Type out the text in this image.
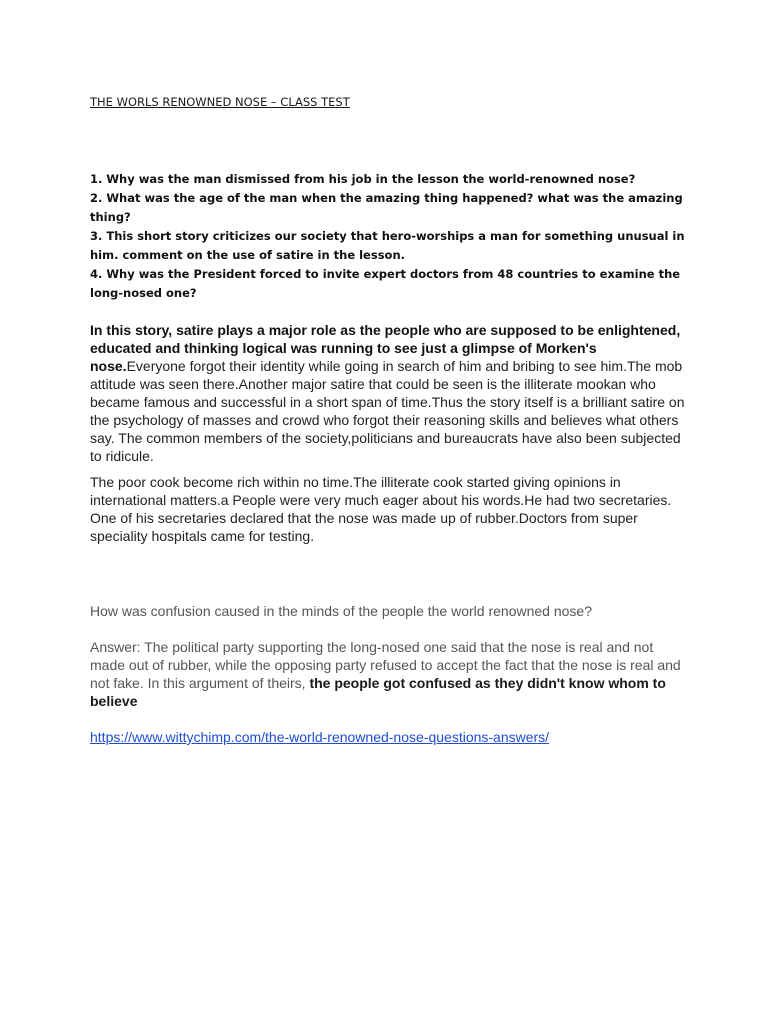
THE WORLS RENOWNED NOSE – CLASS TEST

1. Why was the man dismissed from his job in the lesson the world-renowned nose?

2. What was the age of the man when the amazing thing happened? what was the amazing thing?

3. This short story criticizes our society that hero-worships a man for something unusual in him. comment on the use of satire in the lesson.

4. Why was the President forced to invite expert doctors from 48 countries to examine the long-nosed one?

In this story, satire plays a major role as the people who are supposed to be enlightened, educated and thinking logical was running to see just a glimpse of Morken's nose.Everyone forgot their identity while going in search of him and bribing to see him.The mob attitude was seen there.Another major satire that could be seen is the illiterate mookan who became famous and successful in a short span of time.Thus the story itself is a brilliant satire on the psychology of masses and crowd who forgot their reasoning skills and believes what others say. The common members of the society,politicians and bureaucrats have also been subjected to ridicule.

The poor cook become rich within no time.The illiterate cook started giving opinions in international matters.a People were very much eager about his words.He had two secretaries. One of his secretaries declared that the nose was made up of rubber.Doctors from super speciality hospitals came for testing.

How was confusion caused in the minds of the people the world renowned nose?

Answer: The political party supporting the long-nosed one said that the nose is real and not made out of rubber, while the opposing party refused to accept the fact that the nose is real and not fake. In this argument of theirs, the people got confused as they didn't know whom to believe

https://www.wittychimp.com/the-world-renowned-nose-questions-answers/
